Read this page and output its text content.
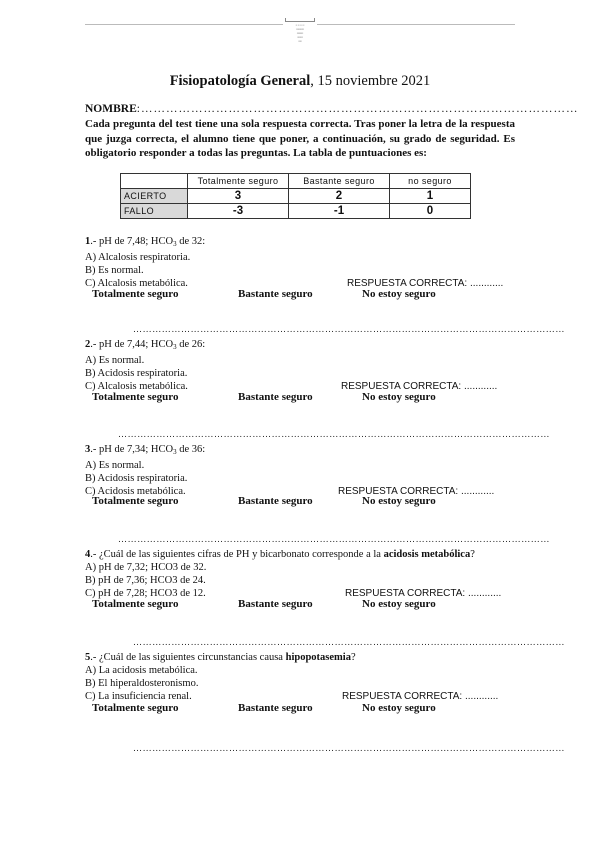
▪ ▪ ▪ ▪ ▪
▪▪▪▪▪▪▪
▪▪▪▪▪▪
▪▪▪▪▪
▪▪▪
Fisiopatología General, 15 noviembre 2021
NOMBRE:……………………………………………………………………………………………
Cada pregunta del test tiene una sola respuesta correcta. Tras poner la letra de la respuesta que juzga correcta, el alumno tiene que poner, a continuación, su grado de seguridad. Es obligatorio responder a todas las preguntas. La tabla de puntuaciones es:
	Totalmente seguro	Bastante seguro	no seguro
ACIERTO	3	2	1
FALLO	-3	-1	0
1.- pH de 7,48; $HCO_3$ de 32:
A) Alcalosis respiratoria.
B) Es normal.
C) Alcalosis metabólica.	RESPUESTA CORRECTA: ............
Totalmente seguro	Bastante seguro	No estoy seguro
………………………………………………………………………………………………………………………
2.- pH de 7,44; $HCO_3$ de 26:
A) Es normal.
B) Acidosis respiratoria.
C) Alcalosis metabólica.	RESPUESTA CORRECTA: ............
Totalmente seguro	Bastante seguro	No estoy seguro
………………………………………………………………………………………………………………………
3.- pH de 7,34; $HCO_3$ de 36:
A) Es normal.
B) Acidosis respiratoria.
C) Acidosis metabólica.	RESPUESTA CORRECTA: ............
Totalmente seguro	Bastante seguro	No estoy seguro
………………………………………………………………………………………………………………………
4.- ¿Cuál de las siguientes cifras de PH y bicarbonato corresponde a la acidosis metabólica?
A) pH de 7,32; HCO3 de 32.
B) pH de 7,36; HCO3 de 24.
C) pH de 7,28; HCO3 de 12.	RESPUESTA CORRECTA: ............
Totalmente seguro	Bastante seguro	No estoy seguro
………………………………………………………………………………………………………………………
5.- ¿Cuál de las siguientes circunstancias causa hipopotasemia?
A) La acidosis metabólica.
B) El hiperaldosteronismo.
C) La insuficiencia renal.	RESPUESTA CORRECTA: ............
Totalmente seguro	Bastante seguro	No estoy seguro
………………………………………………………………………………………………………………………
